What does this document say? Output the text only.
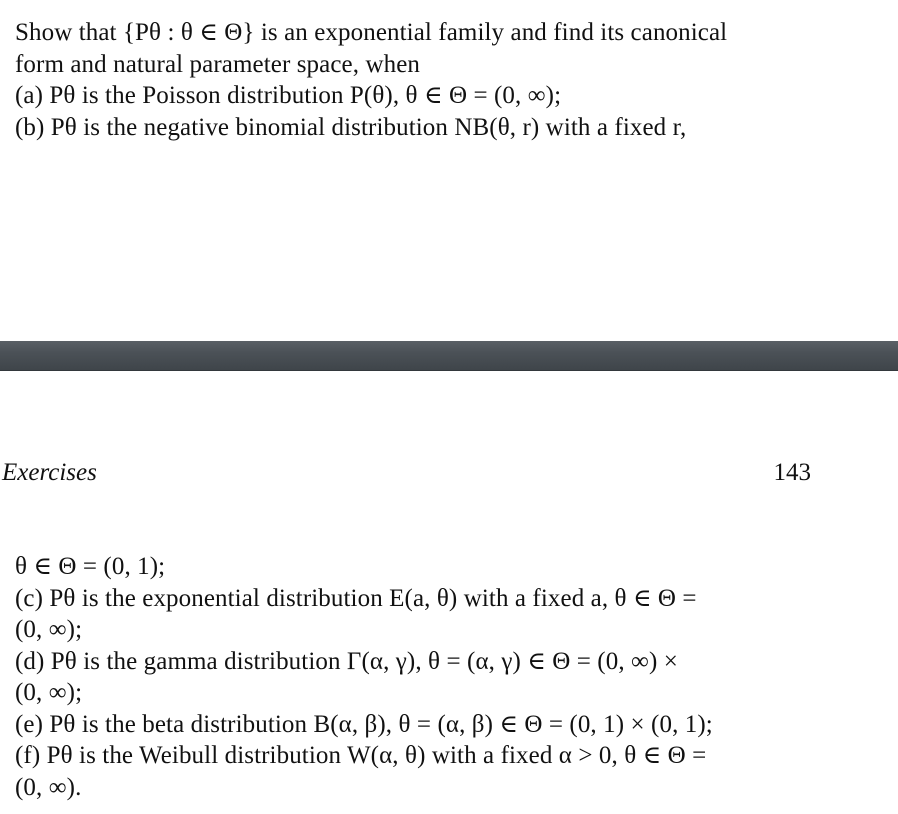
Show that {Pθ : θ ∈ Θ} is an exponential family and find its canonical
form and natural parameter space, when
(a) Pθ is the Poisson distribution P(θ), θ ∈ Θ = (0, ∞);
(b) Pθ is the negative binomial distribution NB(θ, r) with a fixed r,
Exercises	143
θ ∈ Θ = (0, 1);
(c) Pθ is the exponential distribution E(a, θ) with a fixed a, θ ∈ Θ =
(0, ∞);
(d) Pθ is the gamma distribution Γ(α, γ), θ = (α, γ) ∈ Θ = (0, ∞) ×
(0, ∞);
(e) Pθ is the beta distribution B(α, β), θ = (α, β) ∈ Θ = (0, 1) × (0, 1);
(f) Pθ is the Weibull distribution W(α, θ) with a fixed α > 0, θ ∈ Θ =
(0, ∞).
